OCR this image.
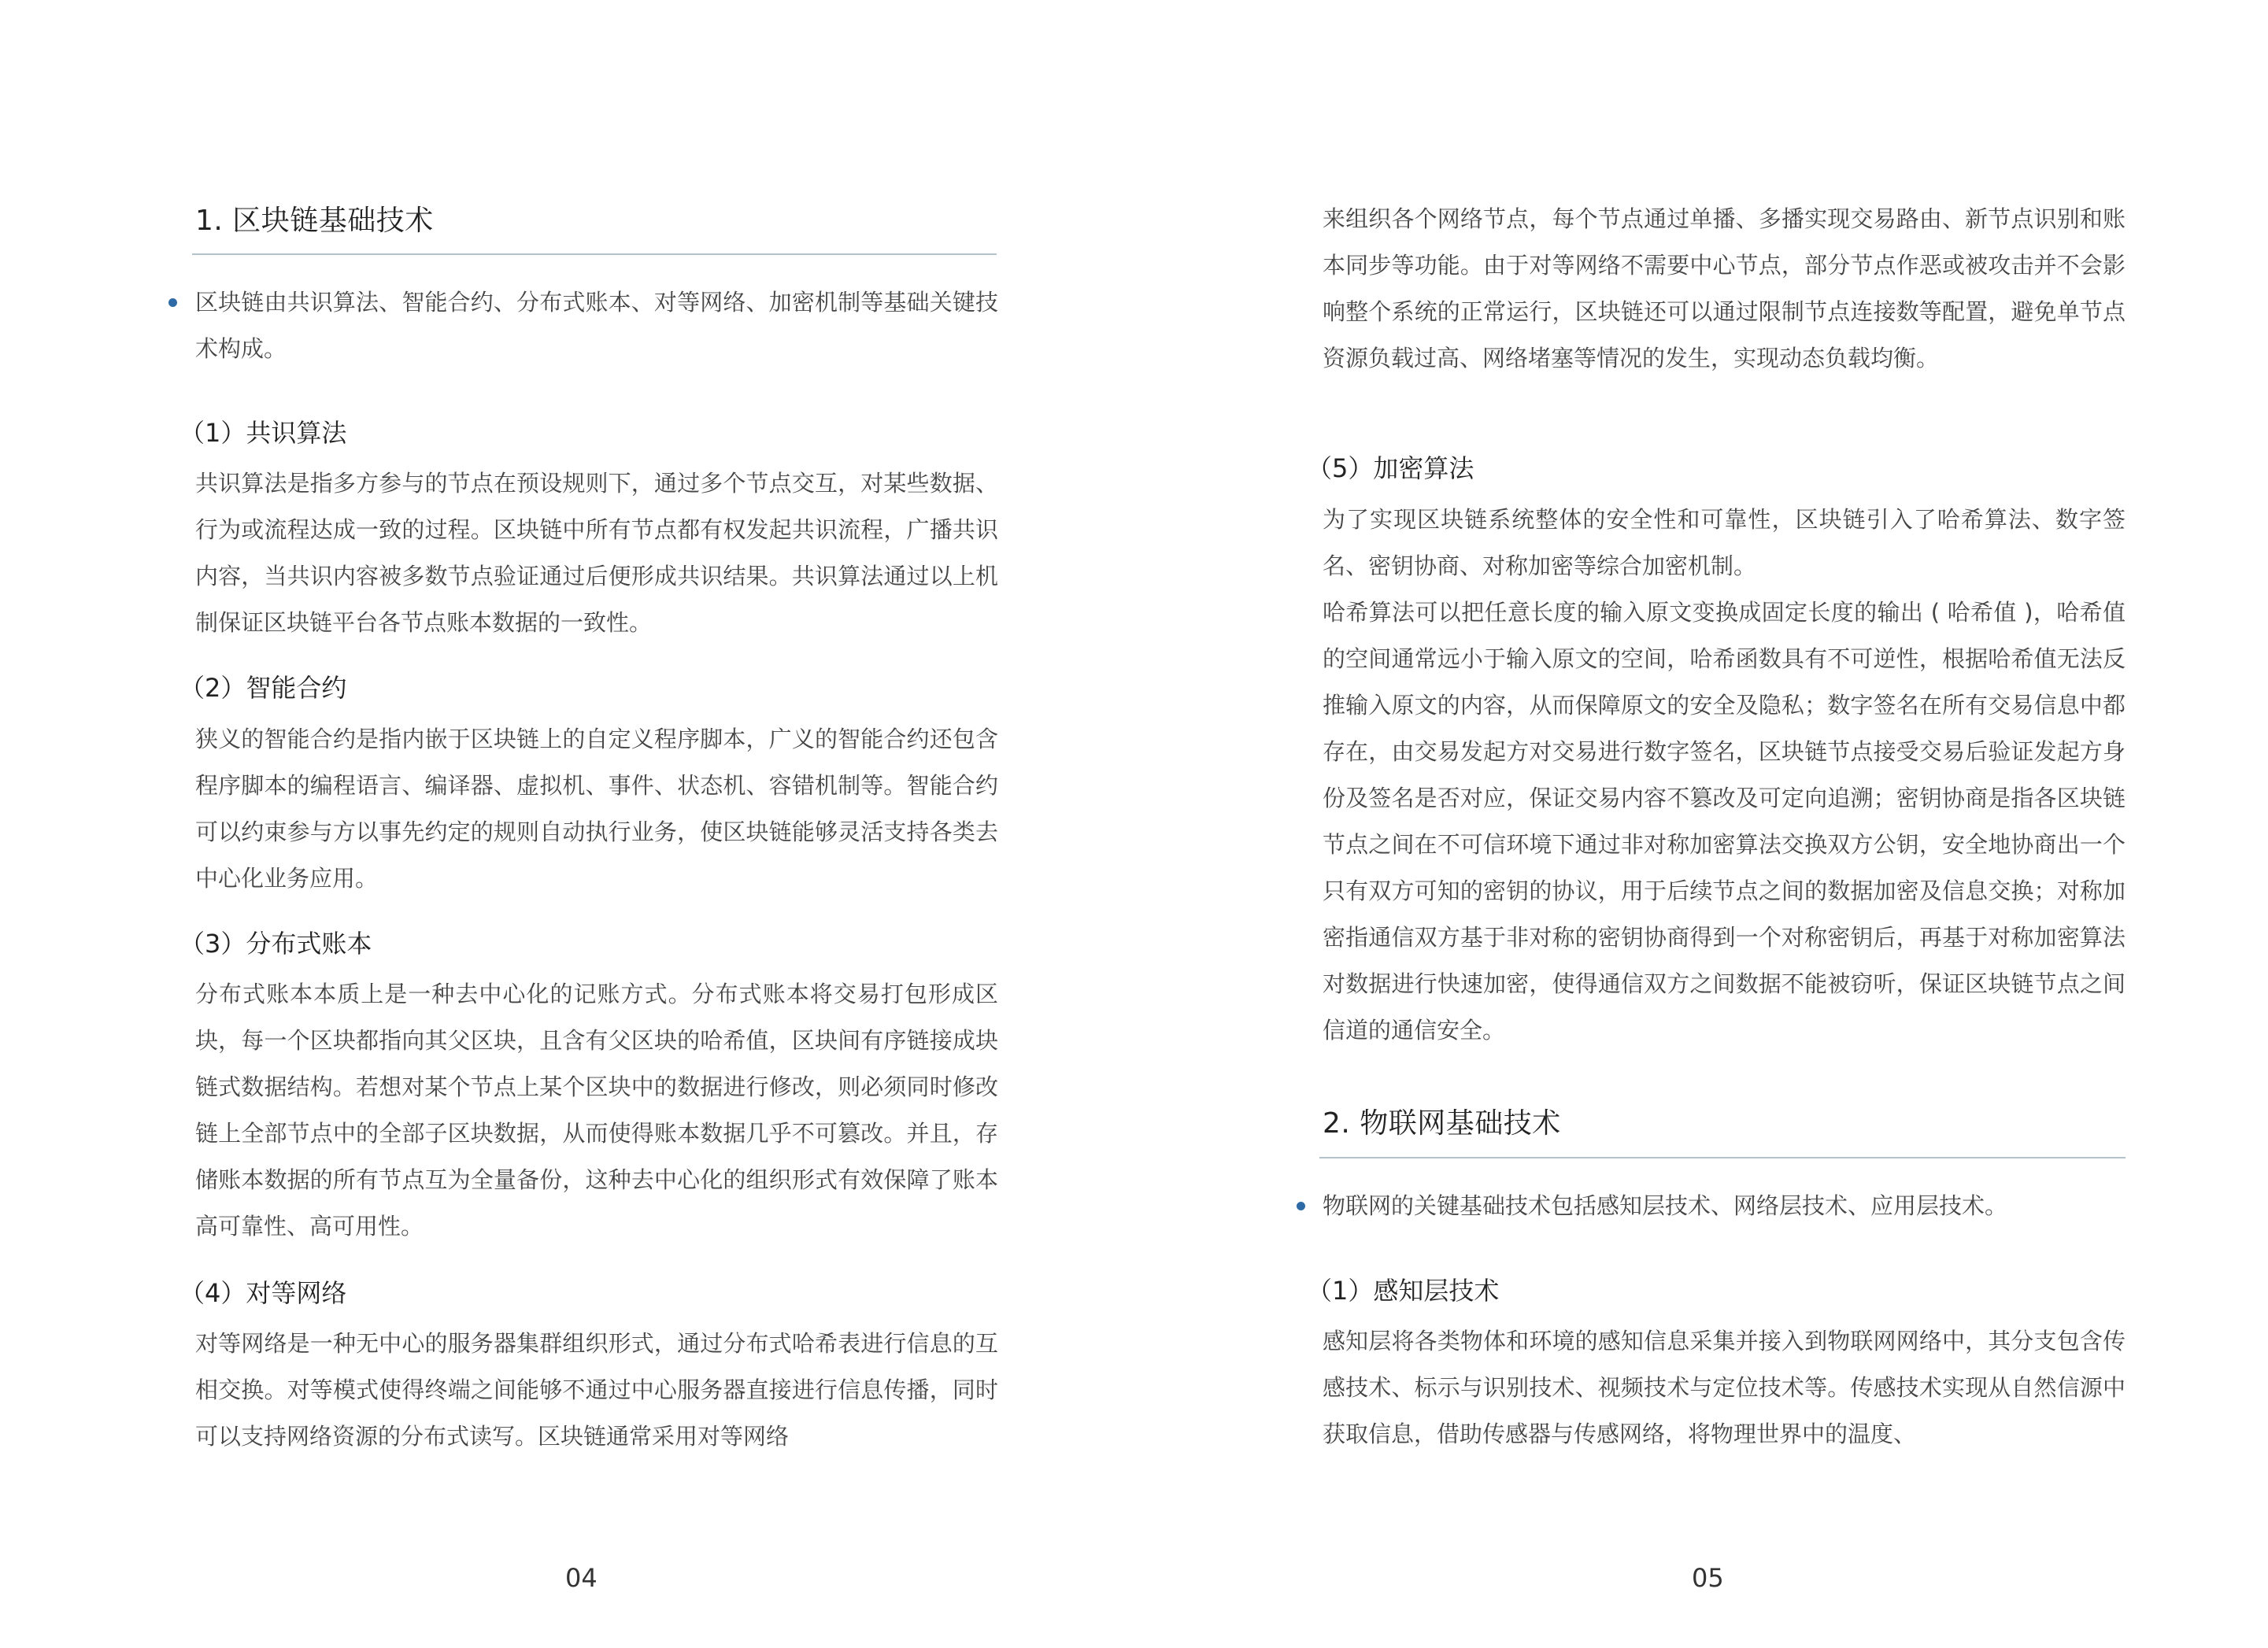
1. 区块链基础技术

区块链由共识算法、智能合约、分布式账本、对等网络、加密机制等基础关键技术构成。

（1）共识算法

共识算法是指多方参与的节点在预设规则下，通过多个节点交互，对某些数据、行为或流程达成一致的过程。区块链中所有节点都有权发起共识流程，广播共识内容，当共识内容被多数节点验证通过后便形成共识结果。共识算法通过以上机制保证区块链平台各节点账本数据的一致性。

（2）智能合约

狭义的智能合约是指内嵌于区块链上的自定义程序脚本，广义的智能合约还包含程序脚本的编程语言、编译器、虚拟机、事件、状态机、容错机制等。智能合约可以约束参与方以事先约定的规则自动执行业务，使区块链能够灵活支持各类去中心化业务应用。

（3）分布式账本

分布式账本本质上是一种去中心化的记账方式。分布式账本将交易打包形成区块，每一个区块都指向其父区块，且含有父区块的哈希值，区块间有序链接成块链式数据结构。若想对某个节点上某个区块中的数据进行修改，则必须同时修改链上全部节点中的全部子区块数据，从而使得账本数据几乎不可篡改。并且，存储账本数据的所有节点互为全量备份，这种去中心化的组织形式有效保障了账本高可靠性、高可用性。

（4）对等网络

对等网络是一种无中心的服务器集群组织形式，通过分布式哈希表进行信息的互相交换。对等模式使得终端之间能够不通过中心服务器直接进行信息传播，同时可以支持网络资源的分布式读写。区块链通常采用对等网络

04

来组织各个网络节点，每个节点通过单播、多播实现交易路由、新节点识别和账本同步等功能。由于对等网络不需要中心节点，部分节点作恶或被攻击并不会影响整个系统的正常运行，区块链还可以通过限制节点连接数等配置，避免单节点资源负载过高、网络堵塞等情况的发生，实现动态负载均衡。

（5）加密算法

为了实现区块链系统整体的安全性和可靠性，区块链引入了哈希算法、数字签名、密钥协商、对称加密等综合加密机制。

哈希算法可以把任意长度的输入原文变换成固定长度的输出 ( 哈希值 )，哈希值的空间通常远小于输入原文的空间，哈希函数具有不可逆性，根据哈希值无法反推输入原文的内容，从而保障原文的安全及隐私；数字签名在所有交易信息中都存在，由交易发起方对交易进行数字签名，区块链节点接受交易后验证发起方身份及签名是否对应，保证交易内容不篡改及可定向追溯；密钥协商是指各区块链节点之间在不可信环境下通过非对称加密算法交换双方公钥，安全地协商出一个只有双方可知的密钥的协议，用于后续节点之间的数据加密及信息交换；对称加密指通信双方基于非对称的密钥协商得到一个对称密钥后，再基于对称加密算法对数据进行快速加密，使得通信双方之间数据不能被窃听，保证区块链节点之间信道的通信安全。

2. 物联网基础技术

物联网的关键基础技术包括感知层技术、网络层技术、应用层技术。

（1）感知层技术

感知层将各类物体和环境的感知信息采集并接入到物联网网络中，其分支包含传感技术、标示与识别技术、视频技术与定位技术等。传感技术实现从自然信源中获取信息，借助传感器与传感网络，将物理世界中的温度、

05
